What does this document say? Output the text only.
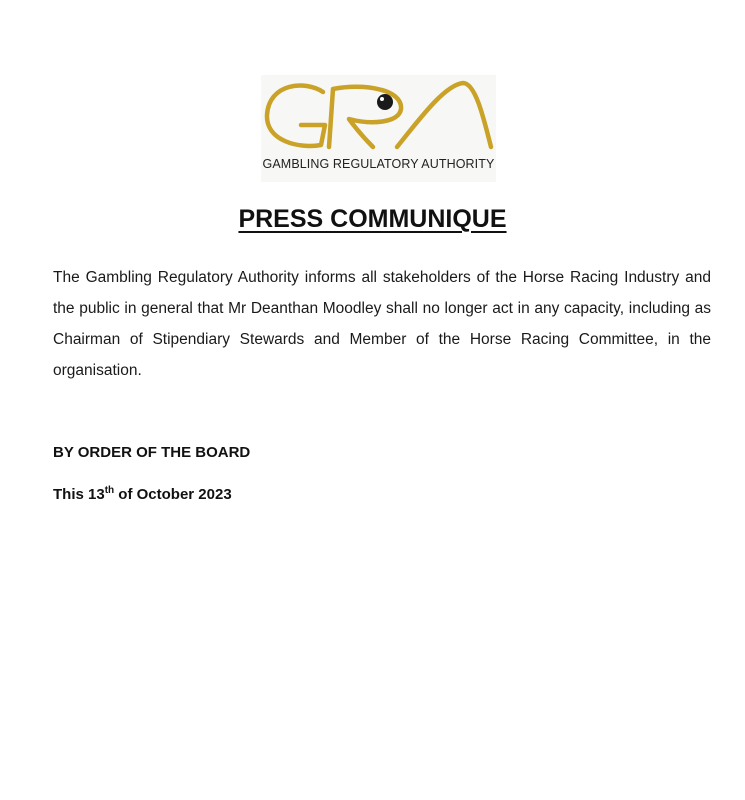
GAMBLING REGULATORY AUTHORITY
PRESS COMMUNIQUE

The Gambling Regulatory Authority informs all stakeholders of the Horse Racing Industry and the public in general that Mr Deanthan Moodley shall no longer act in any capacity, including as Chairman of Stipendiary Stewards and Member of the Horse Racing Committee, in the organisation.

BY ORDER OF THE BOARD

This 13th of October 2023
